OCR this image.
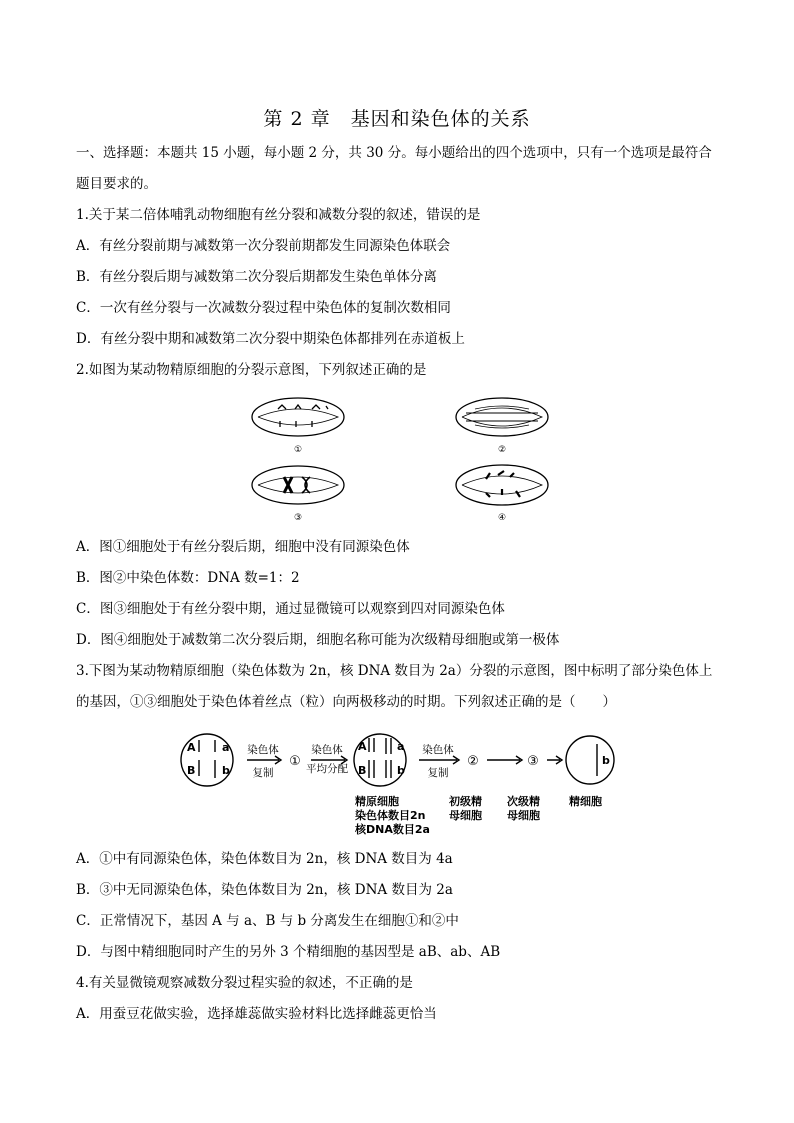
第 2 章　基因和染色体的关系
一、选择题：本题共 15 小题，每小题 2 分，共 30 分。每小题给出的四个选项中，只有一个选项是最符合
题目要求的。
1.关于某二倍体哺乳动物细胞有丝分裂和减数分裂的叙述，错误的是
A．有丝分裂前期与减数第一次分裂前期都发生同源染色体联会
B．有丝分裂后期与减数第二次分裂后期都发生染色单体分离
C．一次有丝分裂与一次减数分裂过程中染色体的复制次数相同
D．有丝分裂中期和减数第二次分裂中期染色体都排列在赤道板上
2.如图为某动物精原细胞的分裂示意图，下列叙述正确的是
①	②
③	④
A．图①细胞处于有丝分裂后期，细胞中没有同源染色体
B．图②中染色体数：DNA 数=1：2
C．图③细胞处于有丝分裂中期，通过显微镜可以观察到四对同源染色体
D．图④细胞处于减数第二次分裂后期，细胞名称可能为次级精母细胞或第一极体
3.下图为某动物精原细胞（染色体数为 2n，核 DNA 数目为 2a）分裂的示意图，图中标明了部分染色体上
的基因，①③细胞处于染色体着丝点（粒）向两极移动的时期。下列叙述正确的是（　　）
A a
B b
A	a
B	b
b
染色体
复制
①
染色体
平均分配
染色体
复制
②	③
精原细胞
染色体数目2n
核DNA数目2a
初级精
母细胞
次级精
母细胞
精细胞
A．①中有同源染色体，染色体数目为 2n，核 DNA 数目为 4a
B．③中无同源染色体，染色体数目为 2n，核 DNA 数目为 2a
C．正常情况下，基因 A 与 a、B 与 b 分离发生在细胞①和②中
D．与图中精细胞同时产生的另外 3 个精细胞的基因型是 aB、ab、AB
4.有关显微镜观察减数分裂过程实验的叙述，不正确的是
A．用蚕豆花做实验，选择雄蕊做实验材料比选择雌蕊更恰当
